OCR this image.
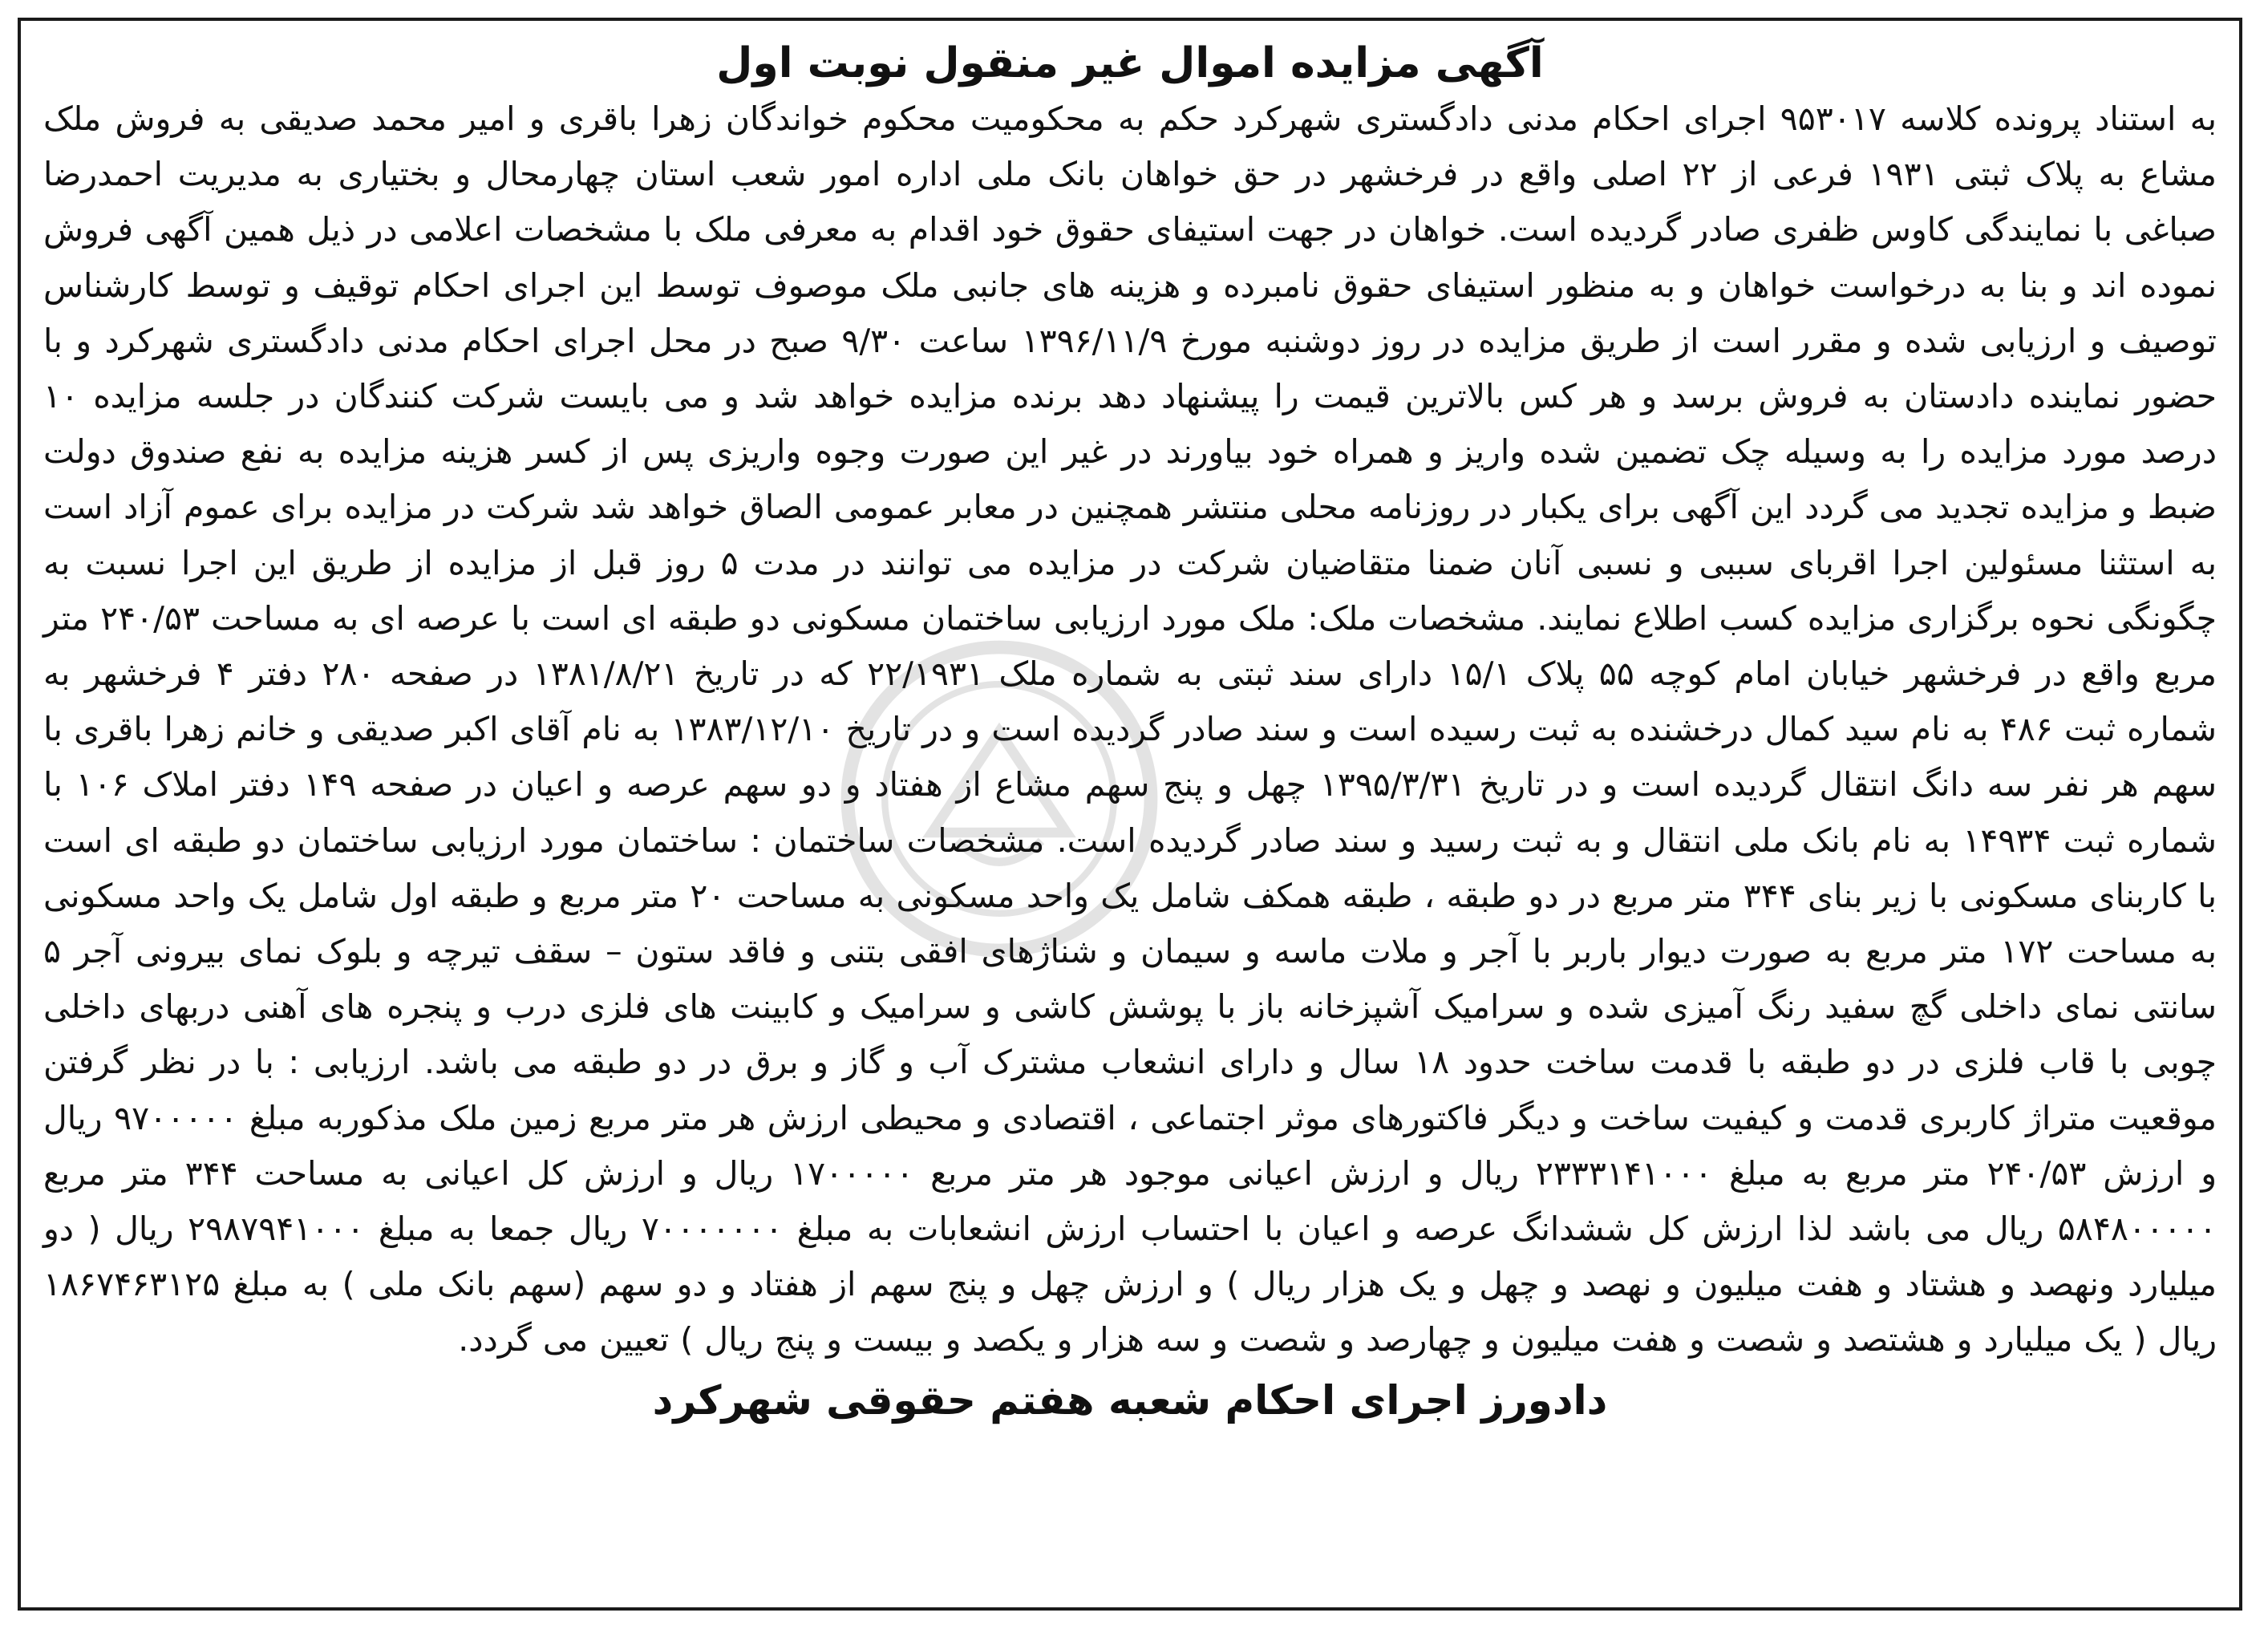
آگهی مزایده اموال غیر منقول نوبت اول

به استناد پرونده کلاسه ۹۵۳۰۱۷ اجرای احکام مدنی دادگستری شهرکرد حکم به محکومیت محکوم خواندگان زهرا باقری و امیر محمد صدیقی به فروش ملک مشاع به پلاک ثبتی ۱۹۳۱ فرعی از ۲۲ اصلی واقع در فرخشهر در حق خواهان بانک ملی اداره امور شعب استان چهارمحال و بختیاری به مدیریت احمدرضا صباغی با نمایندگی کاوس ظفری صادر گردیده است. خواهان در جهت استیفای حقوق خود اقدام به معرفی ملک با مشخصات اعلامی در ذیل همین آگهی فروش نموده اند و بنا به درخواست خواهان و به منظور استیفای حقوق نامبرده و هزینه های جانبی ملک موصوف توسط این اجرای احکام توقیف و توسط کارشناس توصیف و ارزیابی شده و مقرر است از طریق مزایده در روز دوشنبه مورخ ۱۳۹۶/۱۱/۹ ساعت ۹/۳۰ صبح در محل اجرای احکام مدنی دادگستری شهرکرد و با حضور نماینده دادستان به فروش برسد و هر کس بالاترین قیمت را پیشنهاد دهد برنده مزایده خواهد شد و می بایست شرکت کنندگان در جلسه مزایده ۱۰ درصد مورد مزایده را به وسیله چک تضمین شده واریز و همراه خود بیاورند در غیر این صورت وجوه واریزی پس از کسر هزینه مزایده به نفع صندوق دولت ضبط و مزایده تجدید می گردد این آگهی برای یکبار در روزنامه محلی منتشر همچنین در معابر عمومی الصاق خواهد شد شرکت در مزایده برای عموم آزاد است به استثنا مسئولین اجرا اقربای سببی و نسبی آنان ضمنا متقاضیان شرکت در مزایده می توانند در مدت ۵ روز قبل از مزایده از طریق این اجرا نسبت به چگونگی نحوه برگزاری مزایده کسب اطلاع نمایند. مشخصات ملک: ملک مورد ارزیابی ساختمان مسکونی دو طبقه ای است با عرصه ای به مساحت ۲۴۰/۵۳ متر مربع واقع در فرخشهر خیابان امام کوچه ۵۵ پلاک ۱۵/۱ دارای سند ثبتی به شماره ملک ۲۲/۱۹۳۱ که در تاریخ ۱۳۸۱/۸/۲۱ در صفحه ۲۸۰ دفتر ۴ فرخشهر به شماره ثبت ۴۸۶ به نام سید کمال درخشنده به ثبت رسیده است و سند صادر گردیده است و در تاریخ ۱۳۸۳/۱۲/۱۰ به نام آقای اکبر صدیقی و خانم زهرا باقری با سهم هر نفر سه دانگ انتقال گردیده است و در تاریخ ۱۳۹۵/۳/۳۱ چهل و پنج سهم مشاع از هفتاد و دو سهم عرصه و اعیان در صفحه ۱۴۹ دفتر املاک ۱۰۶ با شماره ثبت ۱۴۹۳۴ به نام بانک ملی انتقال و به ثبت رسید و سند صادر گردیده است. مشخصات ساختمان : ساختمان مورد ارزیابی ساختمان دو طبقه ای است با کاربنای مسکونی با زیر بنای ۳۴۴ متر مربع در دو طبقه ، طبقه همکف شامل یک واحد مسکونی به مساحت ۲۰ متر مربع و طبقه اول شامل یک واحد مسکونی به مساحت ۱۷۲ متر مربع به صورت دیوار باربر با آجر و ملات ماسه و سیمان و شناژهای افقی بتنی و فاقد ستون – سقف تیرچه و بلوک نمای بیرونی آجر ۵ سانتی نمای داخلی گچ سفید رنگ آمیزی شده و سرامیک آشپزخانه باز با پوشش کاشی و سرامیک و کابینت های فلزی درب و پنجره های آهنی دربهای داخلی چوبی با قاب فلزی در دو طبقه با قدمت ساخت حدود ۱۸ سال و دارای انشعاب مشترک آب و گاز و برق در دو طبقه می باشد. ارزیابی : با در نظر گرفتن موقعیت متراژ کاربری قدمت و کیفیت ساخت و دیگر فاکتورهای موثر اجتماعی ، اقتصادی و محیطی ارزش هر متر مربع زمین ملک مذکوربه مبلغ ۹۷۰۰۰۰۰ ریال و ارزش ۲۴۰/۵۳ متر مربع به مبلغ ۲۳۳۳۱۴۱۰۰۰ ریال و ارزش اعیانی موجود هر متر مربع ۱۷۰۰۰۰۰ ریال و ارزش کل اعیانی به مساحت ۳۴۴ متر مربع ۵۸۴۸۰۰۰۰۰ ریال می باشد لذا ارزش کل ششدانگ عرصه و اعیان با احتساب ارزش انشعابات به مبلغ ۷۰۰۰۰۰۰۰ ریال جمعا به مبلغ ۲۹۸۷۹۴۱۰۰۰ ریال ( دو میلیارد ونهصد و هشتاد و هفت میلیون و نهصد و چهل و یک هزار ریال ) و ارزش چهل و پنج سهم از هفتاد و دو سهم (سهم بانک ملی ) به مبلغ ۱۸۶۷۴۶۳۱۲۵ ریال ( یک میلیارد و هشتصد و شصت و هفت میلیون و چهارصد و شصت و سه هزار و یکصد و بیست و پنج ریال ) تعیین می گردد.

دادورز اجرای احکام شعبه هفتم حقوقی شهرکرد
